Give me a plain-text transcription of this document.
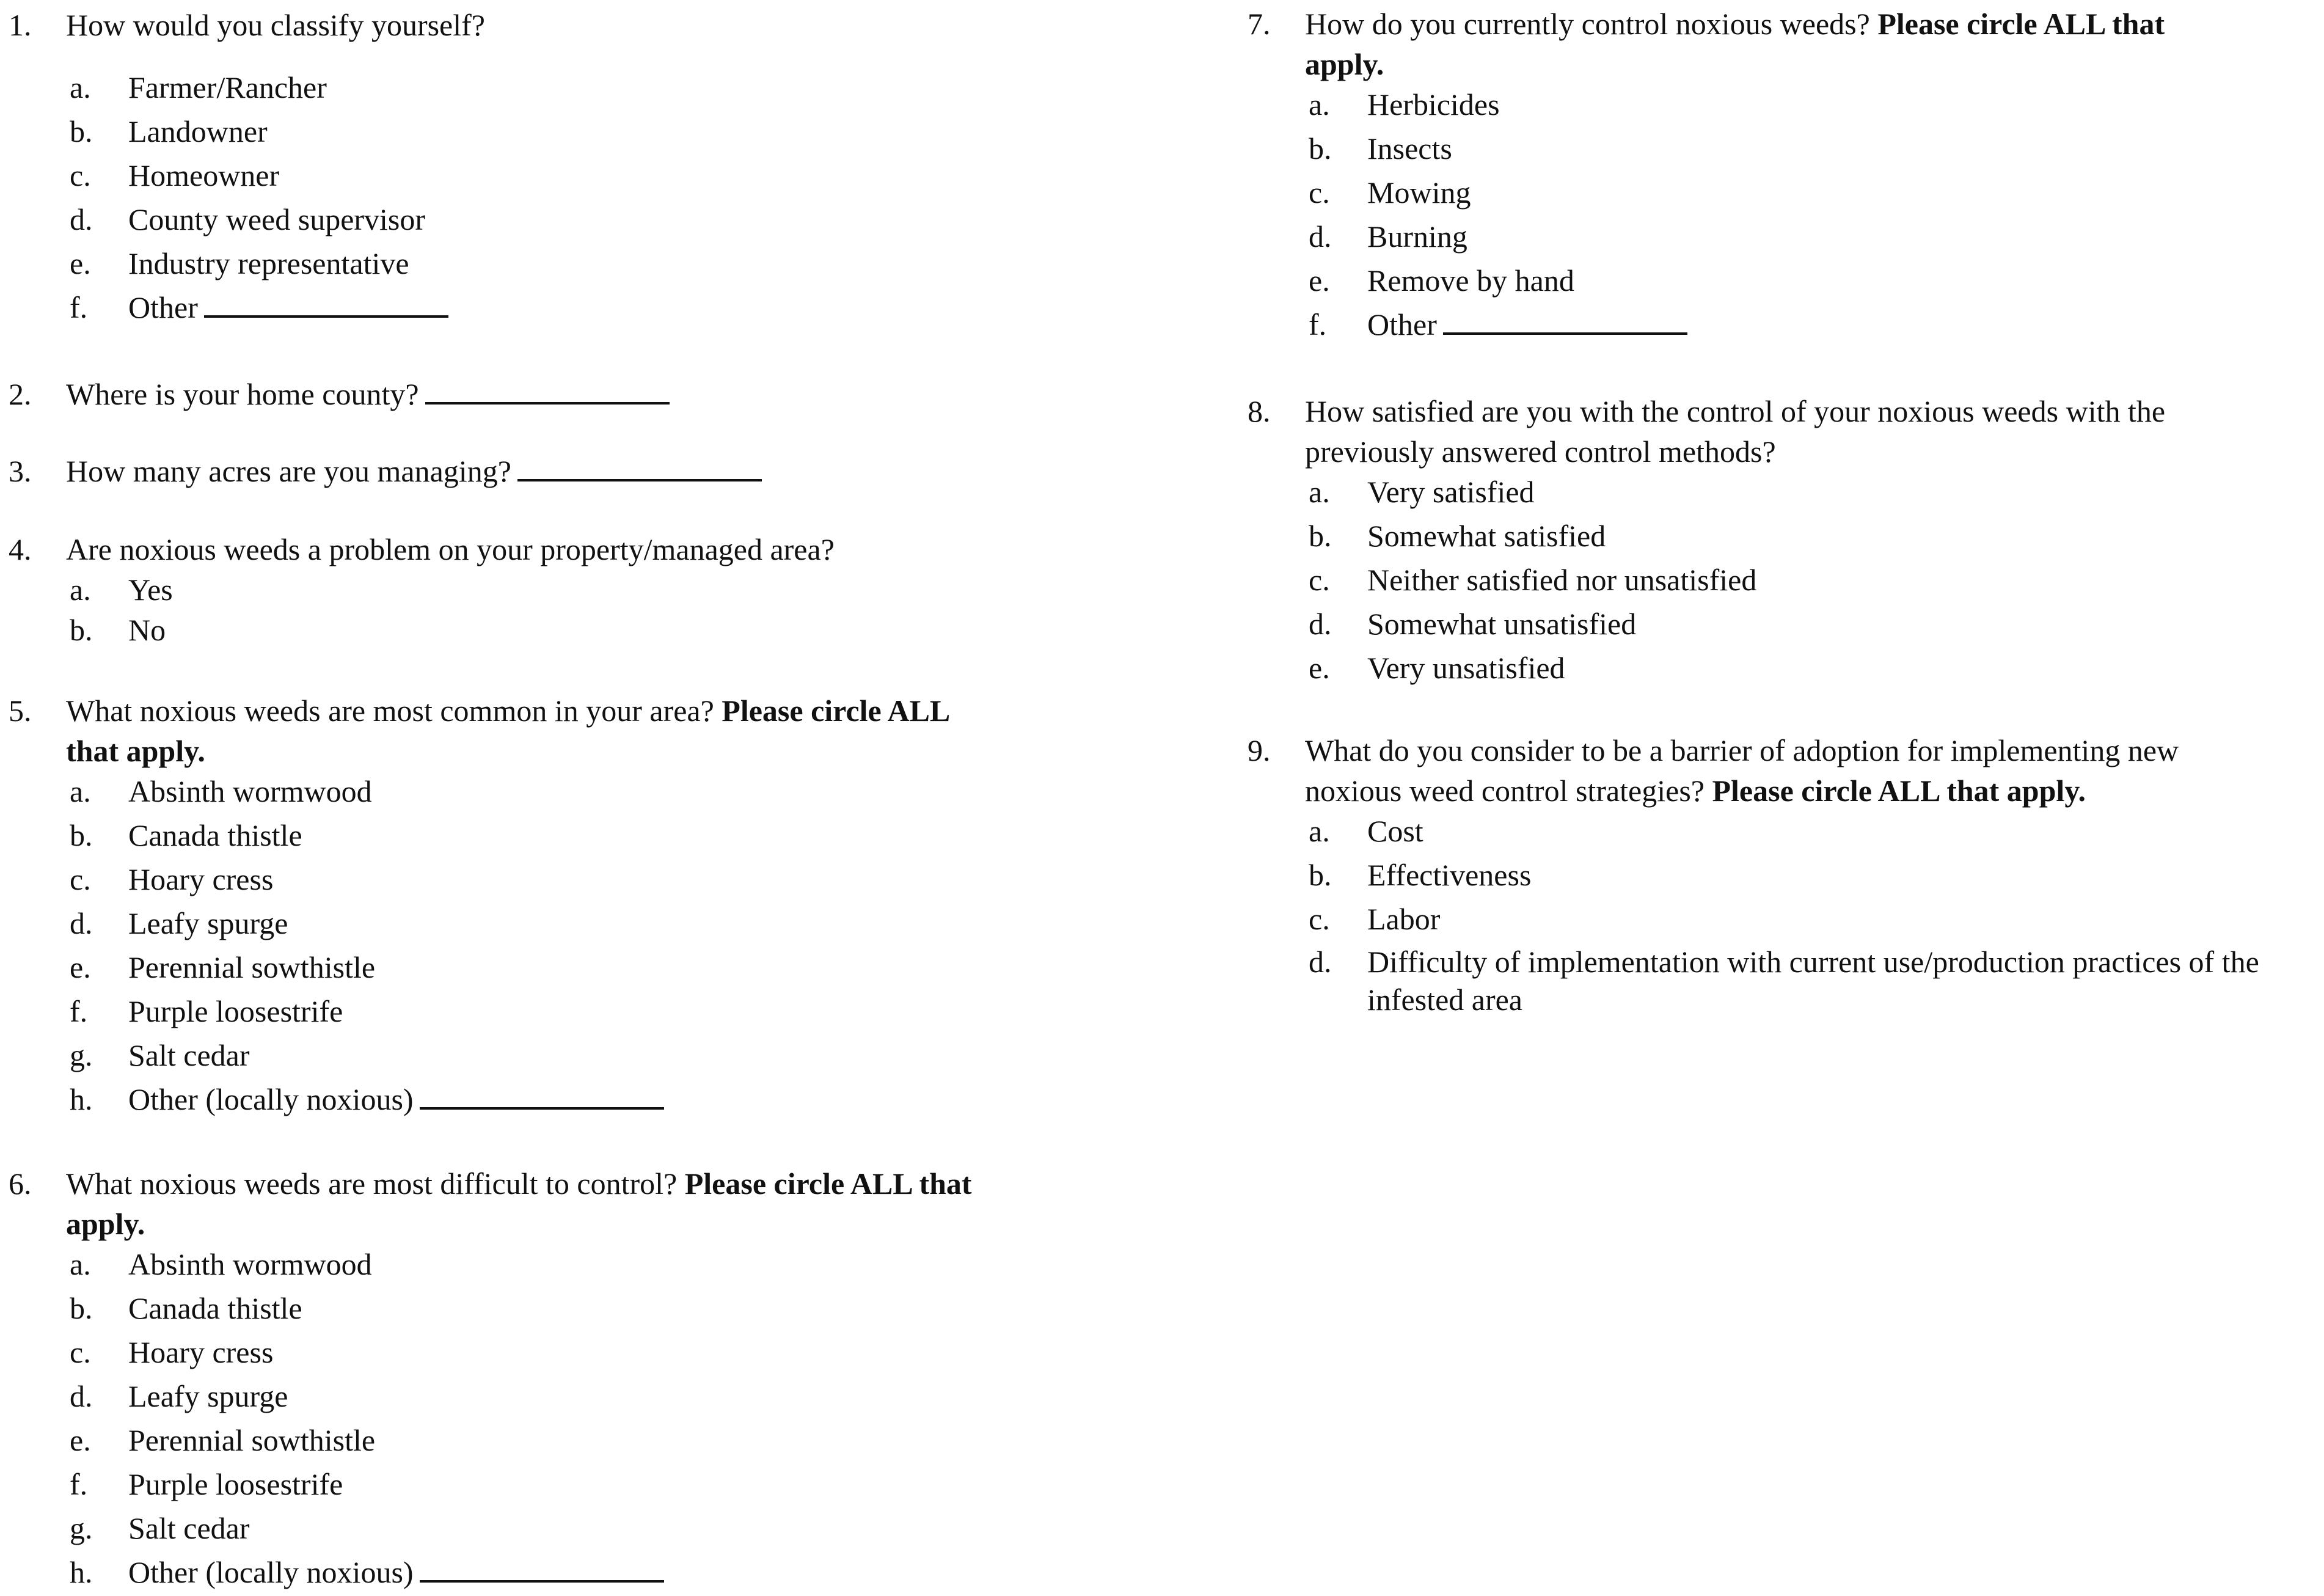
1. How would you classify yourself?
a. Farmer/Rancher
b. Landowner
c. Homeowner
d. County weed supervisor
e. Industry representative
f. Other
2. Where is your home county?
3. How many acres are you managing?
4. Are noxious weeds a problem on your property/managed area?
a. Yes
b. No
5. What noxious weeds are most common in your area? Please circle ALL
that apply.
a. Absinth wormwood
b. Canada thistle
c. Hoary cress
d. Leafy spurge
e. Perennial sowthistle
f. Purple loosestrife
g. Salt cedar
h. Other (locally noxious)
6. What noxious weeds are most difficult to control? Please circle ALL that
apply.
a. Absinth wormwood
b. Canada thistle
c. Hoary cress
d. Leafy spurge
e. Perennial sowthistle
f. Purple loosestrife
g. Salt cedar
h. Other (locally noxious)
7. How do you currently control noxious weeds? Please circle ALL that
apply.
a. Herbicides
b. Insects
c. Mowing
d. Burning
e. Remove by hand
f. Other
8. How satisfied are you with the control of your noxious weeds with the
previously answered control methods?
a. Very satisfied
b. Somewhat satisfied
c. Neither satisfied nor unsatisfied
d. Somewhat unsatisfied
e. Very unsatisfied
9. What do you consider to be a barrier of adoption for implementing new
noxious weed control strategies? Please circle ALL that apply.
a. Cost
b. Effectiveness
c. Labor
d. Difficulty of implementation with current use/production practices of the
infested area
